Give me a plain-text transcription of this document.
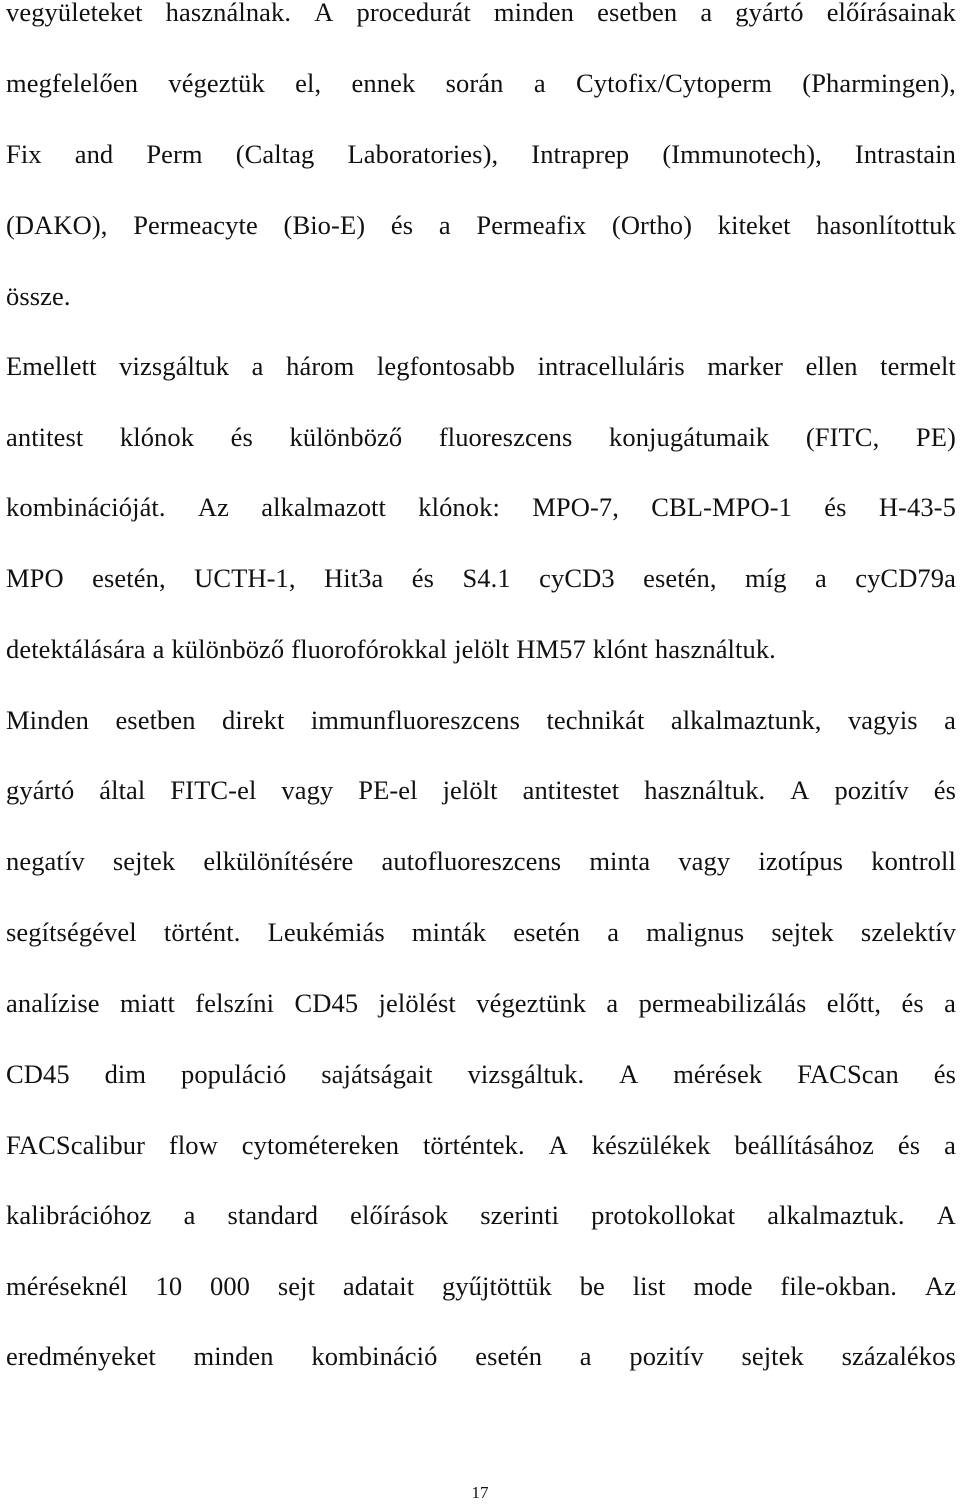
vegyületeket használnak. A procedurát minden esetben a gyártó előírásainak
megfelelően végeztük el, ennek során a Cytofix/Cytoperm (Pharmingen),
Fix and Perm (Caltag Laboratories), Intraprep (Immunotech), Intrastain
(DAKO), Permeacyte (Bio-E) és a Permeafix (Ortho) kiteket hasonlítottuk
össze.
Emellett vizsgáltuk a három legfontosabb intracelluláris marker ellen termelt
antitest klónok és különböző fluoreszcens konjugátumaik (FITC, PE)
kombinációját. Az alkalmazott klónok: MPO-7, CBL-MPO-1 és H-43-5
MPO esetén, UCTH-1, Hit3a és S4.1 cyCD3 esetén, míg a cyCD79a
detektálására a különböző fluorofórokkal jelölt HM57 klónt használtuk.
Minden esetben direkt immunfluoreszcens technikát alkalmaztunk, vagyis a
gyártó által FITC-el vagy PE-el jelölt antitestet használtuk. A pozitív és
negatív sejtek elkülönítésére autofluoreszcens minta vagy izotípus kontroll
segítségével történt. Leukémiás minták esetén a malignus sejtek szelektív
analízise miatt felszíni CD45 jelölést végeztünk a permeabilizálás előtt, és a
CD45 dim populáció sajátságait vizsgáltuk. A mérések FACScan és
FACScalibur flow cytométereken történtek. A készülékek beállításához és a
kalibrációhoz a standard előírások szerinti protokollokat alkalmaztuk. A
méréseknél 10 000 sejt adatait gyűjtöttük be list mode file-okban. Az
eredményeket minden kombináció esetén a pozitív sejtek százalékos
17
